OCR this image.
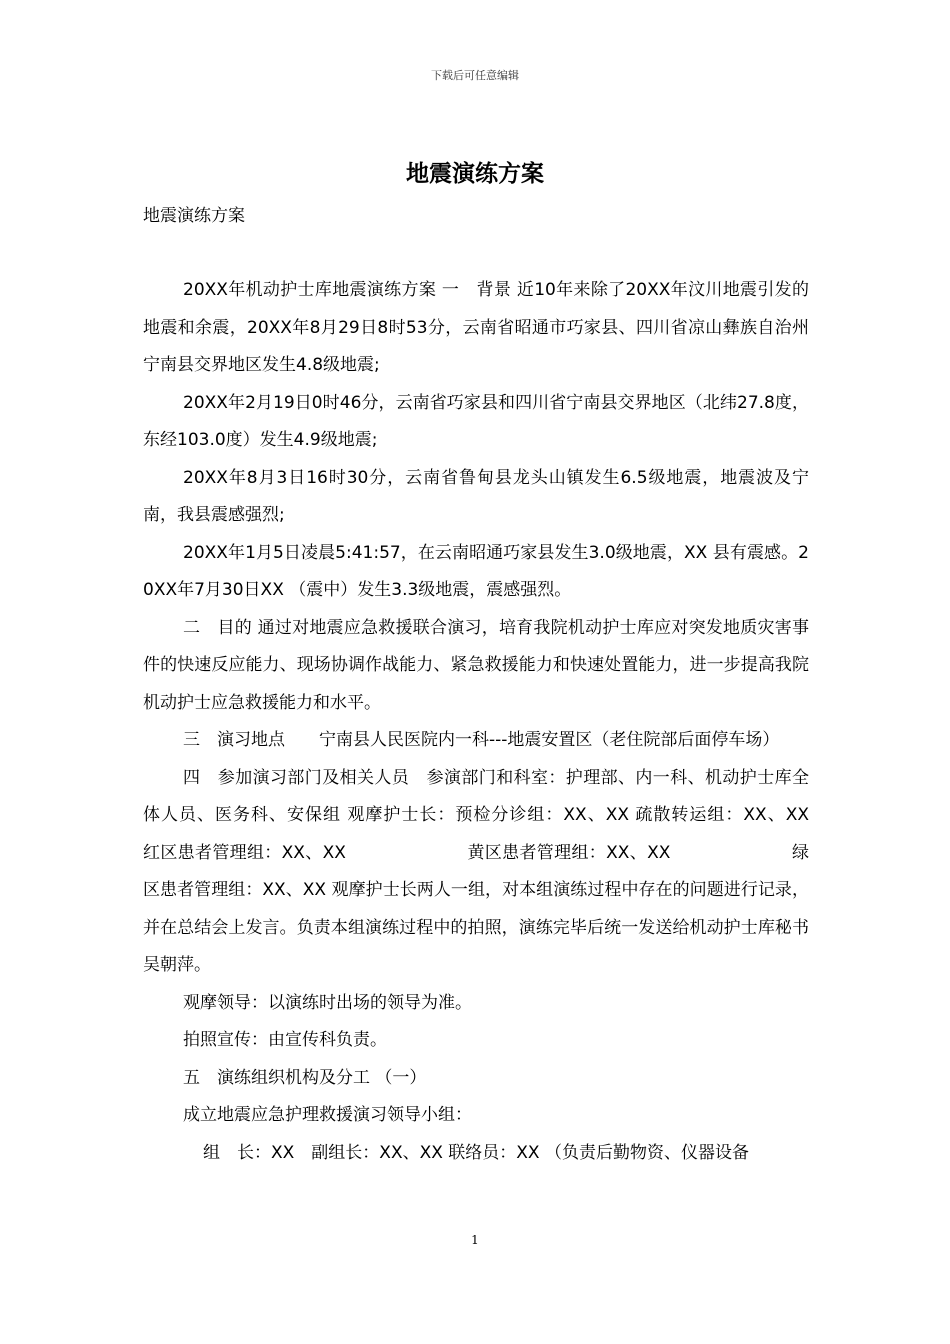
下载后可任意编辑
地震演练方案
地震演练方案

20XX年机动护士库地震演练方案 一　背景 近10年来除了20XX年汶川地震引发的地震和余震，20XX年8月29日8时53分，云南省昭通市巧家县、四川省凉山彝族自治州宁南县交界地区发生4.8级地震;

20XX年2月19日0时46分，云南省巧家县和四川省宁南县交界地区（北纬27.8度，东经103.0度）发生4.9级地震;

20XX年8月3日16时30分，云南省鲁甸县龙头山镇发生6.5级地震，地震波及宁南，我县震感强烈;

20XX年1月5日凌晨5:41:57，在云南昭通巧家县发生3.0级地震，XX 县有震感。20XX年7月30日XX （震中）发生3.3级地震，震感强烈。

二　目的 通过对地震应急救援联合演习，培育我院机动护士库应对突发地质灾害事件的快速反应能力、现场协调作战能力、紧急救援能力和快速处置能力，进一步提高我院机动护士应急救援能力和水平。

三　演习地点　　宁南县人民医院内一科---地震安置区（老住院部后面停车场）

四　参加演习部门及相关人员　参演部门和科室：护理部、内一科、机动护士库全体人员、医务科、安保组 观摩护士长：预检分诊组：XX、XX 疏散转运组：XX、XX　　　　　　　　红区患者管理组：XX、XX　　　　　　　黄区患者管理组：XX、XX　　　　　　　绿区患者管理组：XX、XX 观摩护士长两人一组，对本组演练过程中存在的问题进行记录，并在总结会上发言。负责本组演练过程中的拍照，演练完毕后统一发送给机动护士库秘书吴朝萍。

观摩领导：以演练时出场的领导为准。

拍照宣传：由宣传科负责。

五　演练组织机构及分工 （一）

成立地震应急护理救援演习领导小组：

组　长：XX　副组长：XX、XX 联络员：XX （负责后勤物资、仪器设备

1
